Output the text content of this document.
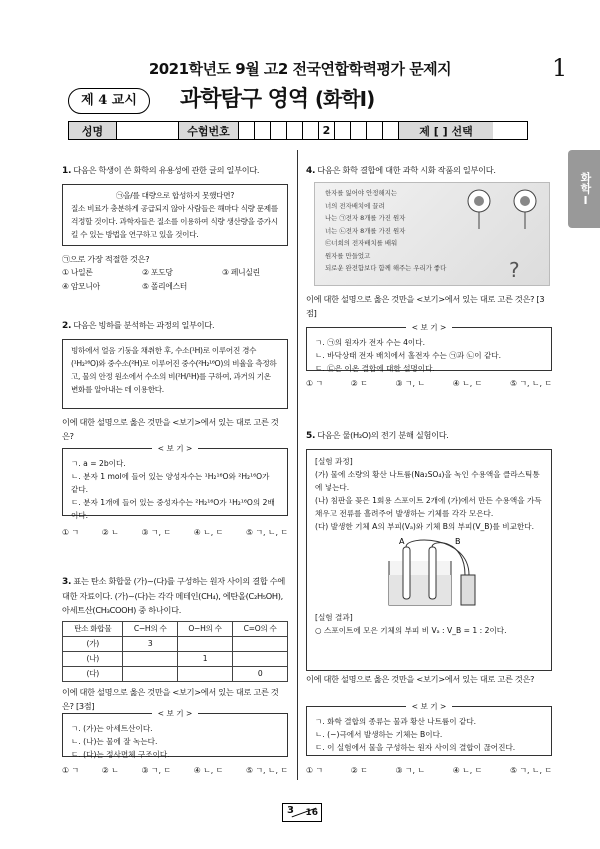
2021학년도 9월 고2 전국연합학력평가 문제지	1
제 4 교시	과학탐구 영역 (화학Ⅰ)
성명	수험번호	2	제 [ ] 선택
화학Ⅰ
1. 다음은 학생이 쓴 화학의 유용성에 관한 글의 일부이다.
㉠을/를 대량으로 합성하지 못했다면?
질소 비료가 충분하게 공급되지 않아 사람들은 해마다 식량 문제를 걱정할 것이다. 과학자들은 질소를 이용하여 식량 생산량을 증가시킬 수 있는 방법을 연구하고 있을 것이다.
㉠으로 가장 적절한 것은?
① 나일론	② 포도당	③ 페니실린
④ 암모니아	⑤ 폴리에스터
2. 다음은 빙하를 분석하는 과정의 일부이다.
빙하에서 얼음 기둥을 채취한 후, 수소(¹H)로 이루어진 경수(¹H₂¹⁶O)와 중수소(²H)로 이루어진 중수(²H₂¹⁶O)의 비율을 측정하고, 물의 안정 원소에서 수소의 비(²H/¹H)를 구하여, 과거의 기온 변화를 알아내는 데 이용한다.
이에 대한 설명으로 옳은 것만을 <보기>에서 있는 대로 고른 것은?
< 보 기 >
ㄱ. a = 2b이다.
ㄴ. 분자 1 mol에 들어 있는 양성자수는 ¹H₂¹⁶O와 ²H₂¹⁶O가 같다.
ㄷ. 분자 1개에 들어 있는 중성자수는 ²H₂¹⁶O가 ¹H₂¹⁶O의 2배이다.
① ㄱ	② ㄴ	③ ㄱ, ㄷ	④ ㄴ, ㄷ	⑤ ㄱ, ㄴ, ㄷ
3. 표는 탄소 화합물 (가)~(다)를 구성하는 원자 사이의 결합 수에 대한 자료이다. (가)~(다)는 각각 메테인(CH₄), 에탄올(C₂H₅OH), 아세트산(CH₃COOH) 중 하나이다.
탄소 화합물	C−H의 수	O−H의 수	C=O의 수
(가)	3		
(나)		1	
(다)			0
이에 대한 설명으로 옳은 것만을 <보기>에서 있는 대로 고른 것은? [3점]
< 보 기 >
ㄱ. (가)는 아세트산이다.
ㄴ. (나)는 물에 잘 녹는다.
ㄷ. (다)는 정사면체 구조이다.
① ㄱ	② ㄴ	③ ㄱ, ㄷ	④ ㄴ, ㄷ	⑤ ㄱ, ㄴ, ㄷ
4. 다음은 화학 결합에 대한 과학 시화 작품의 일부이다.
한자를 잃어야 안정해지는
너의 전자배치에 끌려
나는 ㉠전자 8개를 가진 원자
너는 ㉡전자 8개를 가진 원자
㉢너희의 전자배치를 배워
원자를 만들었고
되로운 완전함보다 함께 해주는 우리가 좋다	?
이에 대한 설명으로 옳은 것만을 <보기>에서 있는 대로 고른 것은? [3점]
< 보 기 >
ㄱ. ㉠의 원자가 전자 수는 4이다.
ㄴ. 바닥상태 전자 배치에서 홀전자 수는 ㉠과 ㉡이 같다.
ㄷ. ㉢은 이온 결합에 대한 설명이다.
① ㄱ	② ㄷ	③ ㄱ, ㄴ	④ ㄴ, ㄷ	⑤ ㄱ, ㄴ, ㄷ
5. 다음은 물(H₂O)의 전기 분해 실험이다.
[실험 과정]
(가) 물에 소량의 황산 나트륨(Na₂SO₄)을 녹인 수용액을 클라스틱통에 넣는다.
(나) 침판을 꽂은 1회용 스포이트 2개에 (가)에서 만든 수용액을 가득 채우고 전류를 흘려주어 발생하는 기체를 각각 모은다.
(다) 발생한 기체 A의 부피(Vₐ)와 기체 B의 부피(V_B)를 비교한다.
A	B
[실험 결과]
○ 스포이트에 모은 기체의 부피 비 Vₐ : V_B = 1 : 2이다.
이에 대한 설명으로 옳은 것만을 <보기>에서 있는 대로 고른 것은?
< 보 기 >
ㄱ. 화학 결합의 종류는 물과 황산 나트륨이 같다.
ㄴ. (−)극에서 발생하는 기체는 B이다.
ㄷ. 이 실험에서 물을 구성하는 원자 사이의 결합이 끊어진다.
① ㄱ	② ㄷ	③ ㄱ, ㄴ	④ ㄴ, ㄷ	⑤ ㄱ, ㄴ, ㄷ
3 16
